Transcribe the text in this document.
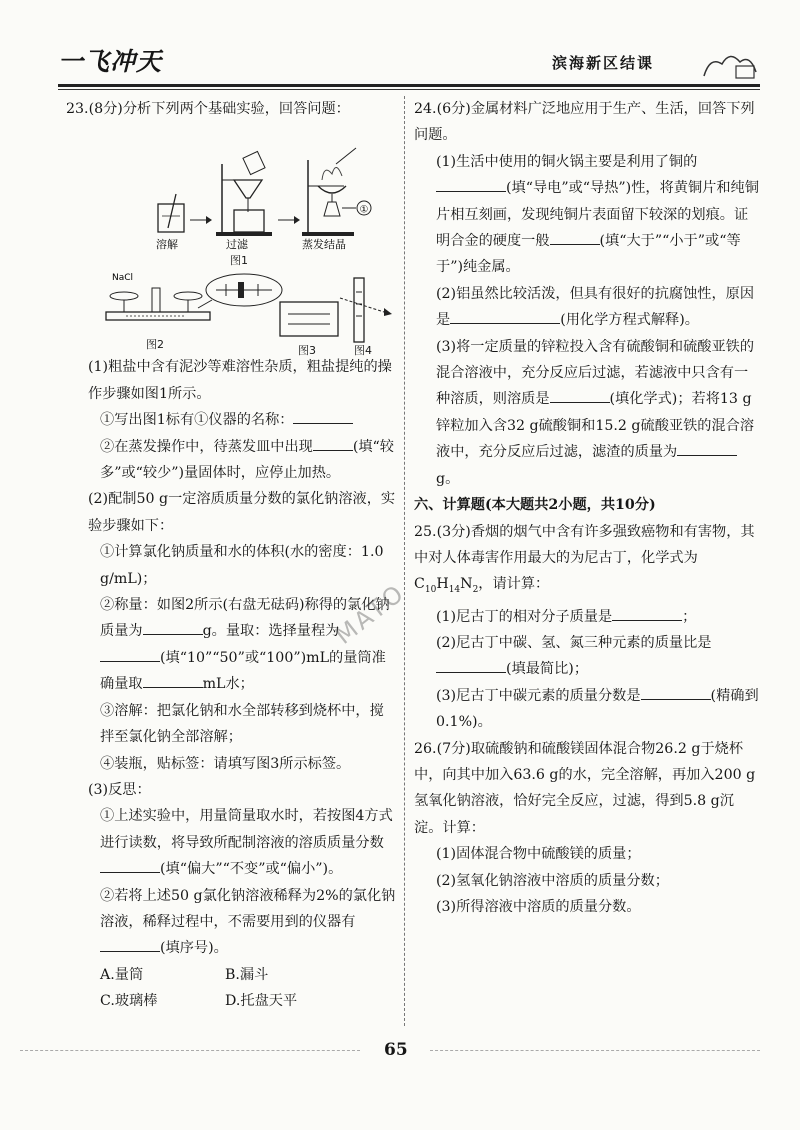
一飞冲天	滨海新区结课

23.(8分)分析下列两个基础实验，回答问题：

①
溶解	过滤	蒸发结晶
图1
NaCl
图2	图3	图4

(1)粗盐中含有泥沙等难溶性杂质，粗盐提纯的操作步骤如图1所示。

①写出图1标有①仪器的名称：

②在蒸发操作中，待蒸发皿中出现	(填“较多”或“较少”)量固体时，应停止加热。

(2)配制50 g一定溶质质量分数的氯化钠溶液，实验步骤如下：

①计算氯化钠质量和水的体积(水的密度：1.0 g/mL)；

②称量：如图2所示(右盘无砝码)称得的氯化钠质量为	g。量取：选择量程为(填“10”“50”或“100”)mL的量筒准确量取	mL水；

③溶解：把氯化钠和水全部转移到烧杯中，搅拌至氯化钠全部溶解；

④装瓶，贴标签：请填写图3所示标签。

(3)反思：

①上述实验中，用量筒量取水时，若按图4方式进行读数，将导致所配制溶液的溶质质量分数(填“偏大”“不变”或“偏小”)。

②若将上述50 g氯化钠溶液稀释为2%的氯化钠溶液，稀释过程中，不需要用到的仪器有(填序号)。

A.量筒	B.漏斗
C.玻璃棒	D.托盘天平

24.(6分)金属材料广泛地应用于生产、生活，回答下列问题。

(1)生活中使用的铜火锅主要是利用了铜的(填“导电”或“导热”)性，将黄铜片和纯铜片相互刻画，发现纯铜片表面留下较深的划痕。证明合金的硬度一般	(填“大于”“小于”或“等于”)纯金属。

(2)铝虽然比较活泼，但具有很好的抗腐蚀性，原因是	(用化学方程式解释)。

(3)将一定质量的锌粒投入含有硫酸铜和硫酸亚铁的混合溶液中，充分反应后过滤，若滤液中只含有一种溶质，则溶质是	(填化学式)；若将13 g锌粒加入含32 g硫酸铜和15.2 g硫酸亚铁的混合溶液中，充分反应后过滤，滤渣的质量为g。

六、计算题(本大题共2小题，共10分)

25.(3分)香烟的烟气中含有许多强致癌物和有害物，其中对人体毒害作用最大的为尼古丁，化学式为$C_{10}H_{14}N_2$，请计算：

(1)尼古丁的相对分子质量是	；

(2)尼古丁中碳、氢、氮三种元素的质量比是(填最简比)；

(3)尼古丁中碳元素的质量分数是	(精确到0.1%)。

26.(7分)取硫酸钠和硫酸镁固体混合物26.2 g于烧杯中，向其中加入63.6 g的水，完全溶解，再加入200 g氢氧化钠溶液，恰好完全反应，过滤，得到5.8 g沉淀。计算：

(1)固体混合物中硫酸镁的质量；

(2)氢氧化钠溶液中溶质的质量分数；

(3)所得溶液中溶质的质量分数。

MATO
65
